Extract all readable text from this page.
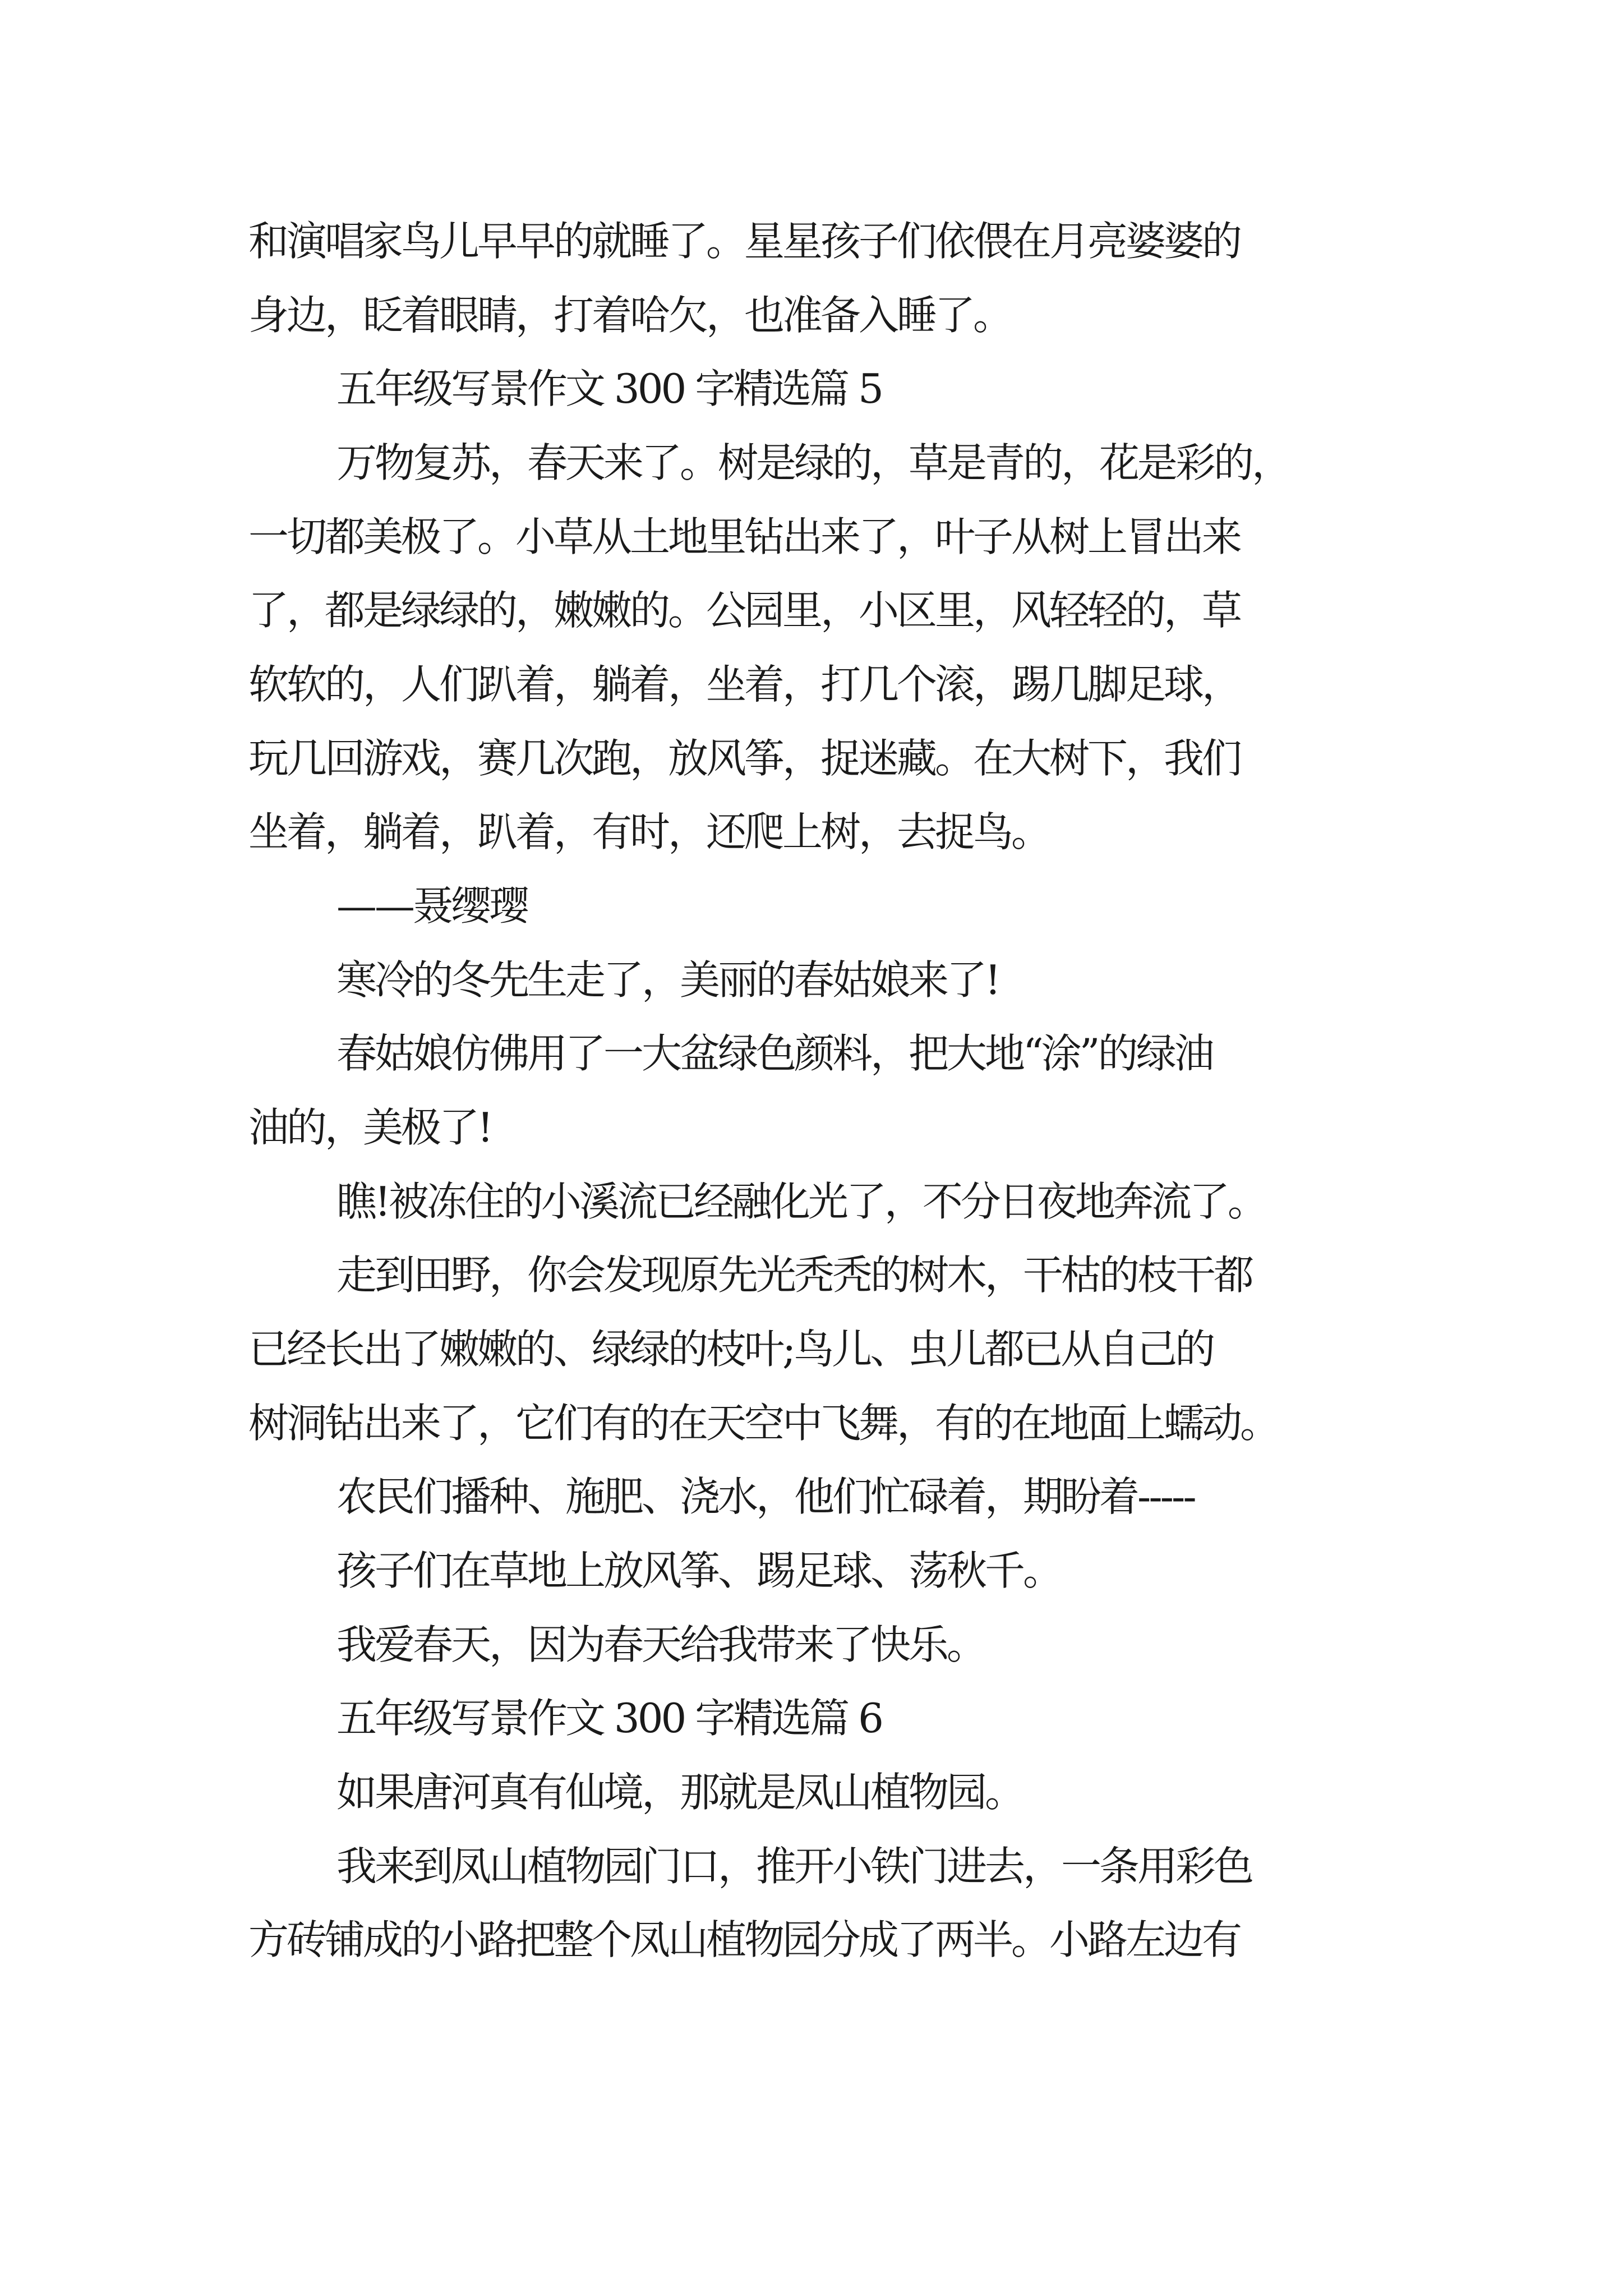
和演唱家鸟儿早早的就睡了。星星孩子们依偎在月亮婆婆的
身边，眨着眼睛，打着哈欠，也准备入睡了。
五年级写景作文 300 字精选篇 5
万物复苏，春天来了。树是绿的，草是青的，花是彩的，
一切都美极了。小草从土地里钻出来了，叶子从树上冒出来
了，都是绿绿的，嫩嫩的。公园里，小区里，风轻轻的，草
软软的，人们趴着，躺着，坐着，打几个滚，踢几脚足球，
玩几回游戏，赛几次跑，放风筝，捉迷藏。在大树下，我们
坐着，躺着，趴着，有时，还爬上树，去捉鸟。
——聂缨璎
寒冷的冬先生走了，美丽的春姑娘来了!
春姑娘仿佛用了一大盆绿色颜料，把大地“涂”的绿油
油的，美极了!
瞧!被冻住的小溪流已经融化光了，不分日夜地奔流了。
走到田野，你会发现原先光秃秃的树木，干枯的枝干都
已经长出了嫩嫩的、绿绿的枝叶;鸟儿、虫儿都已从自己的
树洞钻出来了，它们有的在天空中飞舞，有的在地面上蠕动。
农民们播种、施肥、浇水，他们忙碌着，期盼着-----
孩子们在草地上放风筝、踢足球、荡秋千。
我爱春天，因为春天给我带来了快乐。
五年级写景作文 300 字精选篇 6
如果唐河真有仙境，那就是凤山植物园。
我来到凤山植物园门口，推开小铁门进去，一条用彩色
方砖铺成的小路把整个凤山植物园分成了两半。小路左边有
